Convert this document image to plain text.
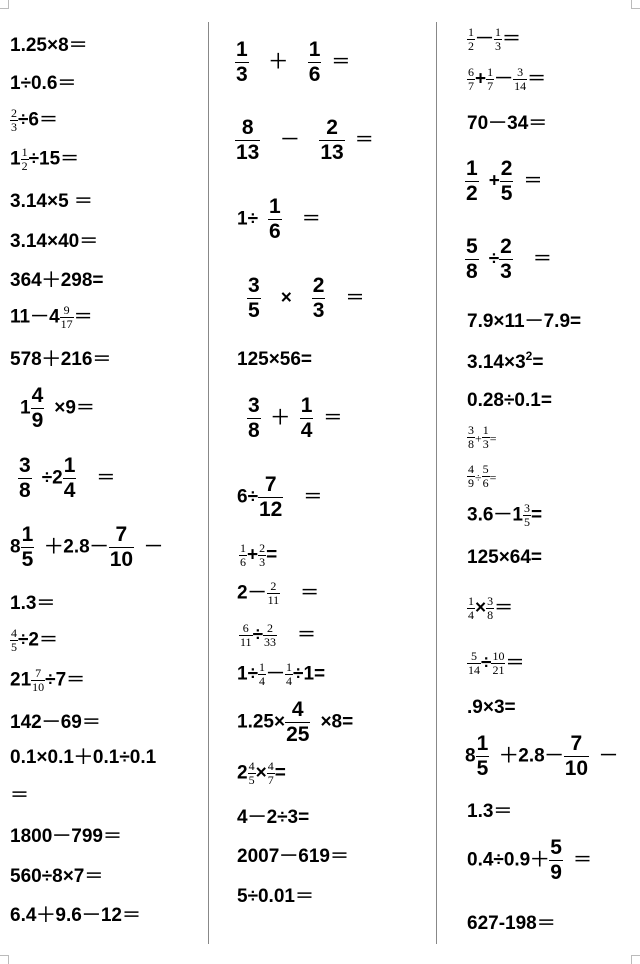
1.25×8＝
1÷0.6＝
$\frac{2}{3} \div 6=$
$1 \frac{1}{2} \div 15=$
3.14×5 ＝
3.14×40＝
364＋298=
$11-4 \frac{9}{17}$ ＝
578＋216＝
$1 \frac{4}{9} \times 9=$
$\frac{3}{8} \div 2 \frac{1}{4}$ ＝
$8 \frac{1}{5} +2.8- \frac{7}{10}$ －
1.3＝
$\frac{4}{5} \div 2=$
$21 \frac{7}{10} \div 7=$
142－69＝
0.1×0.1＋0.1÷0.1
＝
1800－799＝
560÷8×7＝
6.4＋9.6－12＝
$\frac{1}{3} + \frac{1}{6}$ ＝
$\frac{8}{13} - \frac{2}{13}$ ＝
$1\div \frac{1}{6}$ ＝
$\frac{3}{5} \times \frac{2}{3}$ ＝
125×56=
$\frac{3}{8} + \frac{1}{4}$ ＝
$6\div \frac{7}{12}$ ＝
$\frac{1}{6} + \frac{2}{3}$ =
$2- \frac{2}{11}$ ＝
$\frac{6}{11} \div \frac{2}{33}$ ＝
$1\div \frac{1}{4} - \frac{1}{4} \div 1=$
$1.25\times \frac{4}{25} \times 8=$
$2 \frac{4}{5} \times \frac{4}{7}$ =
4－2÷3=
2007－619＝
5÷0.01＝
$\frac{1}{2} - \frac{1}{3}$ ＝
$\frac{6}{7} + \frac{1}{7} - \frac{3}{14}$ ＝
70－34＝
$\frac{1}{2} + \frac{2}{5}$ ＝
$\frac{5}{8} \div \frac{2}{3}$ ＝
7.9×11－7.9=
$3.14\times 3^2=$
0.28÷0.1=
$\frac{3}{8} + \frac{1}{3}$ =
$\frac{4}{9} \div \frac{5}{6}$ =
$3.6-1 \frac{3}{5}$ =
125×64=
$\frac{1}{4} \times \frac{3}{8}$ ＝
$\frac{5}{14} \div \frac{10}{21}$ ＝
.9×3=
$8 \frac{1}{5} +2.8- \frac{7}{10}$ －
1.3＝
$0.4\div 0.9+ \frac{5}{9}$ ＝
627-198＝
